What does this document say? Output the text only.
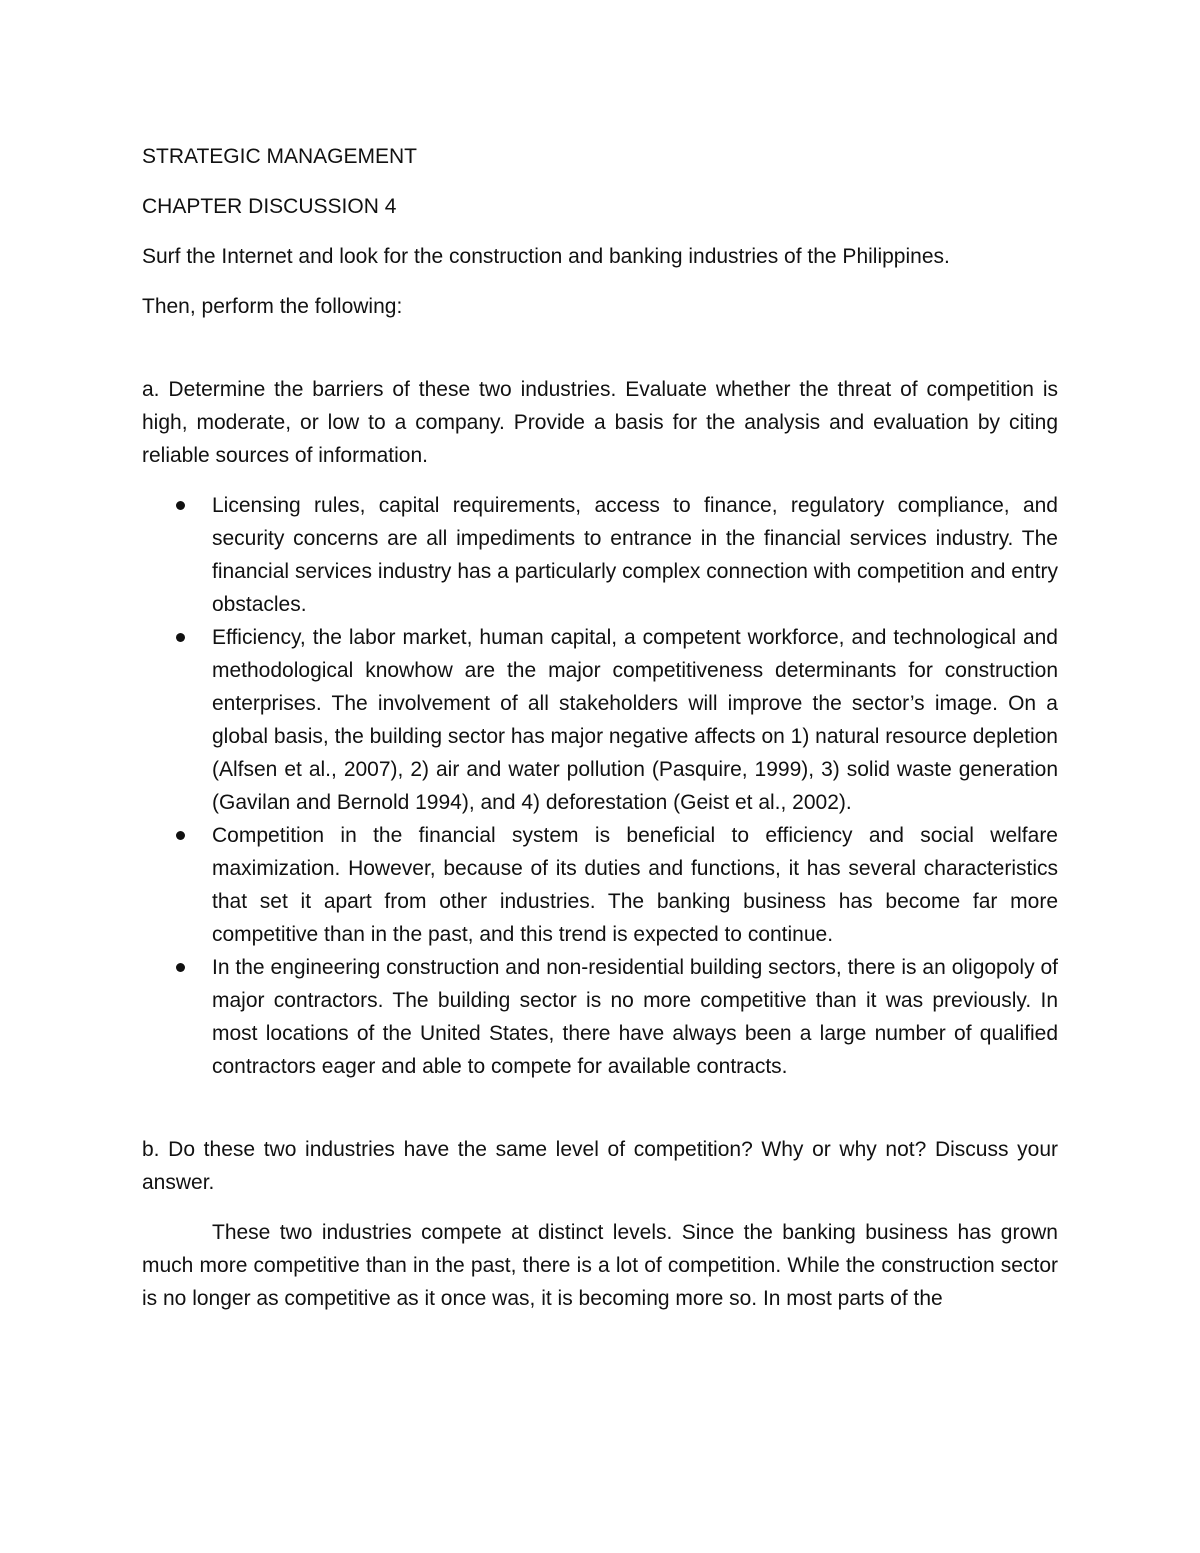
STRATEGIC MANAGEMENT

CHAPTER DISCUSSION 4

Surf the Internet and look for the construction and banking industries of the Philippines.

Then, perform the following:

a. Determine the barriers of these two industries. Evaluate whether the threat of competition is high, moderate, or low to a company. Provide a basis for the analysis and evaluation by citing reliable sources of information.

Licensing rules, capital requirements, access to finance, regulatory compliance, and security concerns are all impediments to entrance in the financial services industry. The financial services industry has a particularly complex connection with competition and entry obstacles.
Efficiency, the labor market, human capital, a competent workforce, and technological and methodological knowhow are the major competitiveness determinants for construction enterprises. The involvement of all stakeholders will improve the sector’s image. On a global basis, the building sector has major negative affects on 1) natural resource depletion (Alfsen et al., 2007), 2) air and water pollution (Pasquire, 1999), 3) solid waste generation (Gavilan and Bernold 1994), and 4) deforestation (Geist et al., 2002).
Competition in the financial system is beneficial to efficiency and social welfare maximization. However, because of its duties and functions, it has several characteristics that set it apart from other industries. The banking business has become far more competitive than in the past, and this trend is expected to continue.
In the engineering construction and non-residential building sectors, there is an oligopoly of major contractors. The building sector is no more competitive than it was previously. In most locations of the United States, there have always been a large number of qualified contractors eager and able to compete for available contracts.

b. Do these two industries have the same level of competition? Why or why not? Discuss your answer.

These two industries compete at distinct levels. Since the banking business has grown much more competitive than in the past, there is a lot of competition. While the construction sector is no longer as competitive as it once was, it is becoming more so. In most parts of the
